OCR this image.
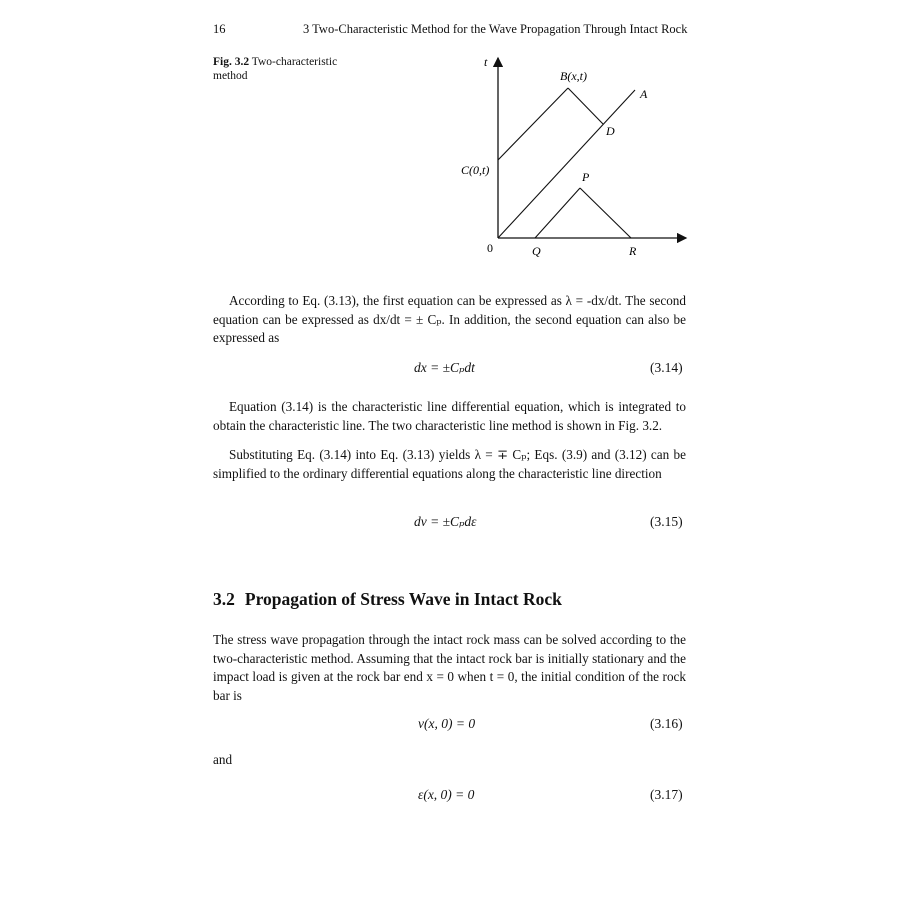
16	3 Two-Characteristic Method for the Wave Propagation Through Intact Rock
Fig. 3.2 Two-characteristic method
t
0
B(x,t)
A
D
C(0,t)	P
Q	R

According to Eq. (3.13), the first equation can be expressed as λ = -dx/dt. The second equation can be expressed as dx/dt = ± Cₚ. In addition, the second equation can also be expressed as

dx = ±Cₚdt	(3.14)

Equation (3.14) is the characteristic line differential equation, which is integrated to obtain the characteristic line. The two characteristic line method is shown in Fig. 3.2.

Substituting Eq. (3.14) into Eq. (3.13) yields λ = ∓ Cₚ; Eqs. (3.9) and (3.12) can be simplified to the ordinary differential equations along the characteristic line direction

dv = ±Cₚdε	(3.15)
3.2 Propagation of Stress Wave in Intact Rock

The stress wave propagation through the intact rock mass can be solved according to the two-characteristic method. Assuming that the intact rock bar is initially stationary and the impact load is given at the rock bar end x = 0 when t = 0, the initial condition of the rock bar is

v(x, 0) = 0	(3.16)
and
ε(x, 0) = 0	(3.17)
